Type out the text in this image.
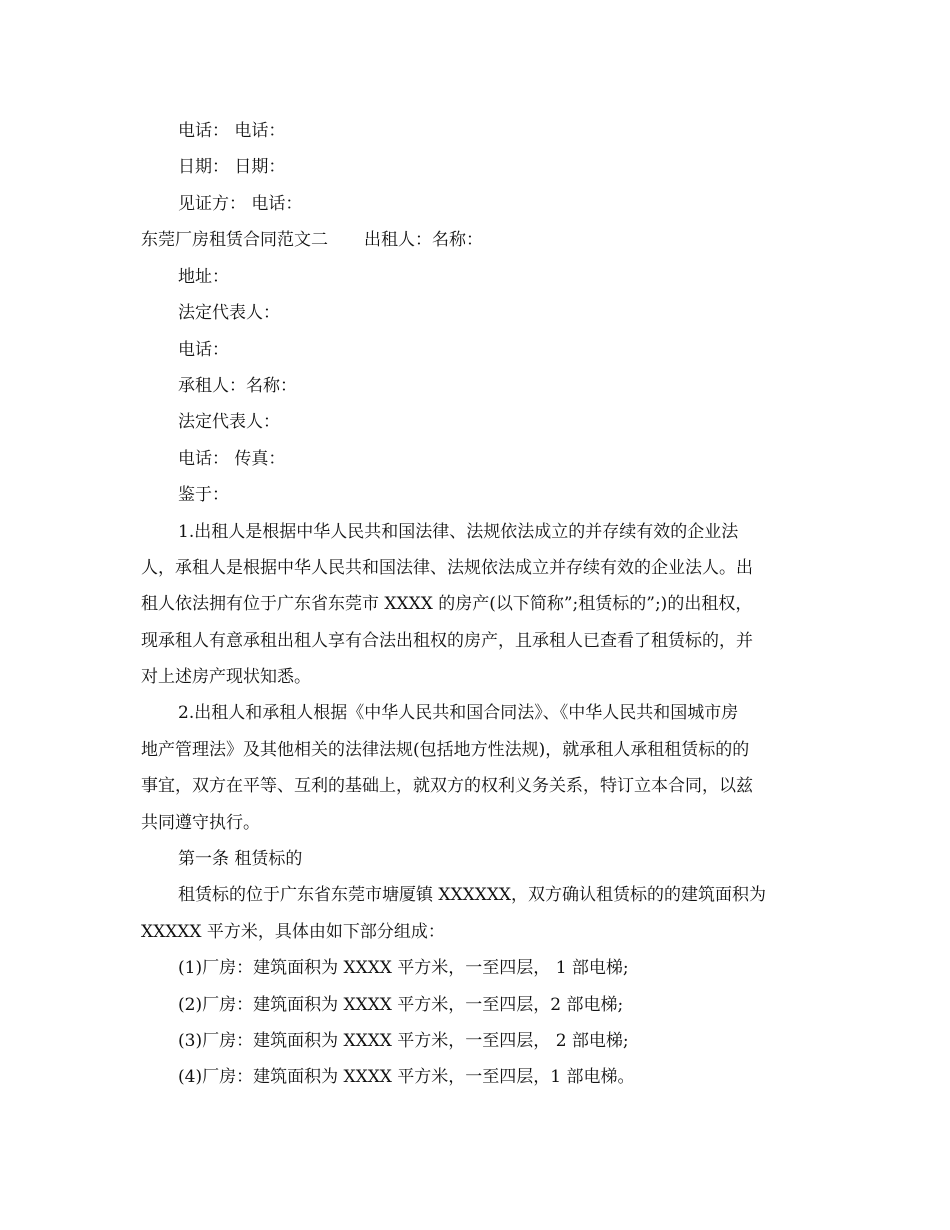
电话： 电话：
日期： 日期：
见证方： 电话：
东莞厂房租赁合同范文二 出租人：名称：
地址：
法定代表人：
电话：
承租人：名称：
法定代表人：
电话： 传真：
鉴于：
1.出租人是根据中华人民共和国法律、法规依法成立的并存续有效的企业法
人，承租人是根据中华人民共和国法律、法规依法成立并存续有效的企业法人。出
租人依法拥有位于广东省东莞市 XXXX 的房产(以下简称”;租赁标的”;)的出租权，
现承租人有意承租出租人享有合法出租权的房产，且承租人已查看了租赁标的，并
对上述房产现状知悉。
2.出租人和承租人根据《中华人民共和国合同法》、《中华人民共和国城市房
地产管理法》及其他相关的法律法规(包括地方性法规)，就承租人承租租赁标的的
事宜，双方在平等、互利的基础上，就双方的权利义务关系，特订立本合同，以兹
共同遵守执行。
第一条 租赁标的
租赁标的位于广东省东莞市塘厦镇 XXXXXX，双方确认租赁标的的建筑面积为
XXXXX 平方米，具体由如下部分组成：
(1)厂房：建筑面积为 XXXX 平方米，一至四层， 1 部电梯;
(2)厂房：建筑面积为 XXXX 平方米，一至四层，2 部电梯;
(3)厂房：建筑面积为 XXXX 平方米，一至四层， 2 部电梯;
(4)厂房：建筑面积为 XXXX 平方米，一至四层，1 部电梯。
